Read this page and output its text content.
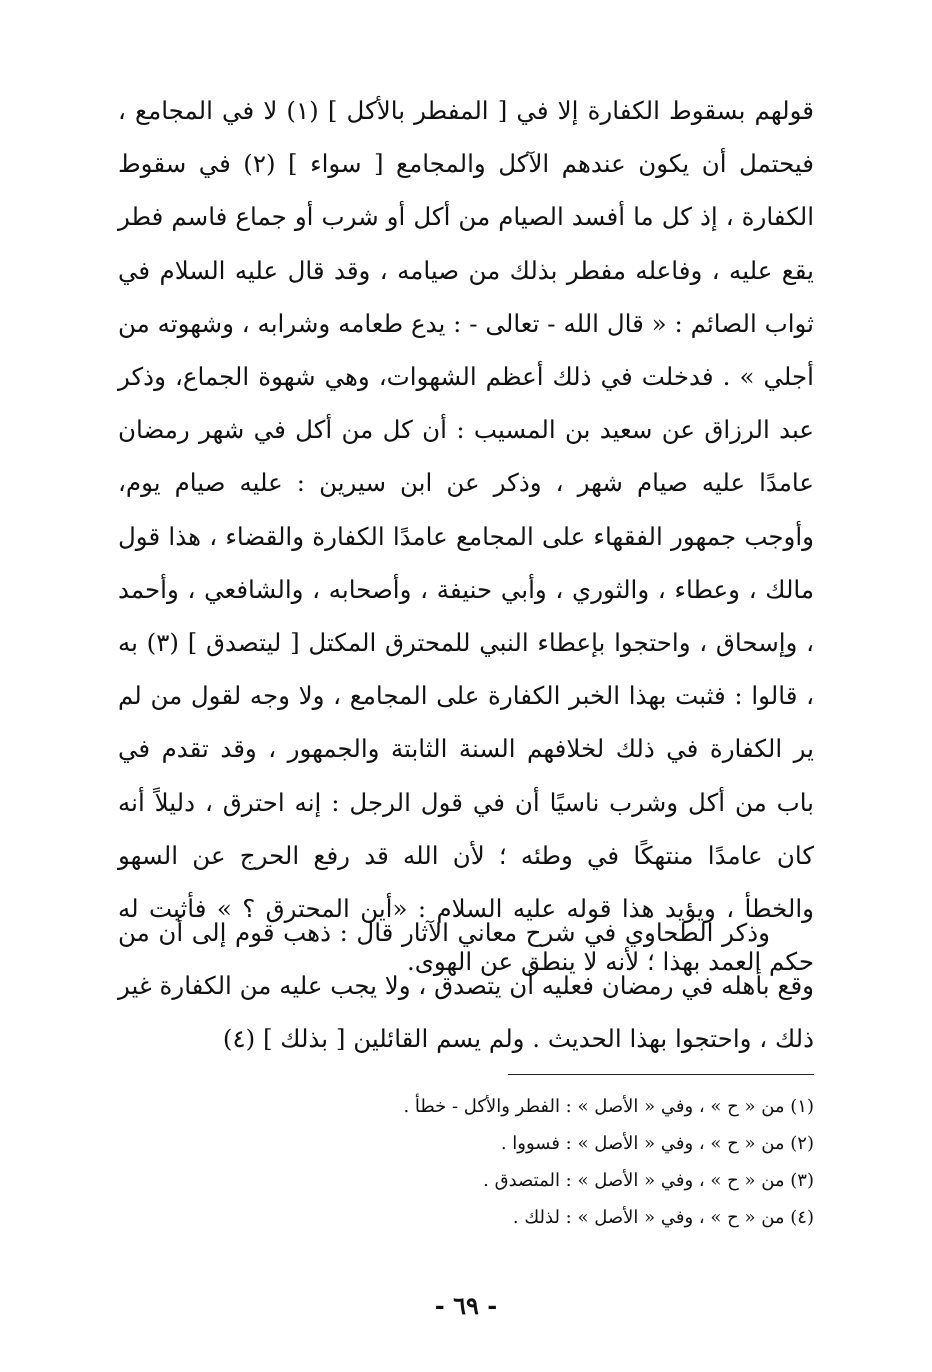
قولهم بسقوط الكفارة إلا في [ المفطر بالأكل ] (١) لا في المجامع ، فيحتمل أن يكون عندهم الآكل والمجامع [ سواء ] (٢) في سقوط الكفارة ، إذ كل ما أفسد الصيام من أكل أو شرب أو جماع فاسم فطر يقع عليه ، وفاعله مفطر بذلك من صيامه ، وقد قال عليه السلام في ثواب الصائم : « قال الله - تعالى - : يدع طعامه وشرابه ، وشهوته من أجلي » . فدخلت في ذلك أعظم الشهوات، وهي شهوة الجماع، وذكر عبد الرزاق عن سعيد بن المسيب : أن كل من أكل في شهر رمضان عامدًا عليه صيام شهر ، وذكر عن ابن سيرين : عليه صيام يوم، وأوجب جمهور الفقهاء على المجامع عامدًا الكفارة والقضاء ، هذا قول مالك ، وعطاء ، والثوري ، وأبي حنيفة ، وأصحابه ، والشافعي ، وأحمد ، وإسحاق ، واحتجوا بإعطاء النبي للمحترق المكتل [ ليتصدق ] (٣) به ، قالوا : فثبت بهذا الخبر الكفارة على المجامع ، ولا وجه لقول من لم ير الكفارة في ذلك لخلافهم السنة الثابتة والجمهور ، وقد تقدم في باب من أكل وشرب ناسيًا أن في قول الرجل : إنه احترق ، دليلاً أنه كان عامدًا منتهكًا في وطئه ؛ لأن الله قد رفع الحرج عن السهو والخطأ ، ويؤيد هذا قوله عليه السلام : «أين المحترق ؟ » فأثبت له حكم العمد بهذا ؛ لأنه لا ينطق عن الهوى.

وذكر الطحاوي في شرح معاني الآثار قال : ذهب قوم إلى أن من وقع بأهله في رمضان فعليه أن يتصدق ، ولا يجب عليه من الكفارة غير ذلك ، واحتجوا بهذا الحديث . ولم يسم القائلين [ بذلك ] (٤)

(١) من « ح » ، وفي « الأصل » : الفطر والأكل - خطأ .
(٢) من « ح » ، وفي « الأصل » : فسووا .
(٣) من « ح » ، وفي « الأصل » : المتصدق .
(٤) من « ح » ، وفي « الأصل » : لذلك .
- ٦٩ -
